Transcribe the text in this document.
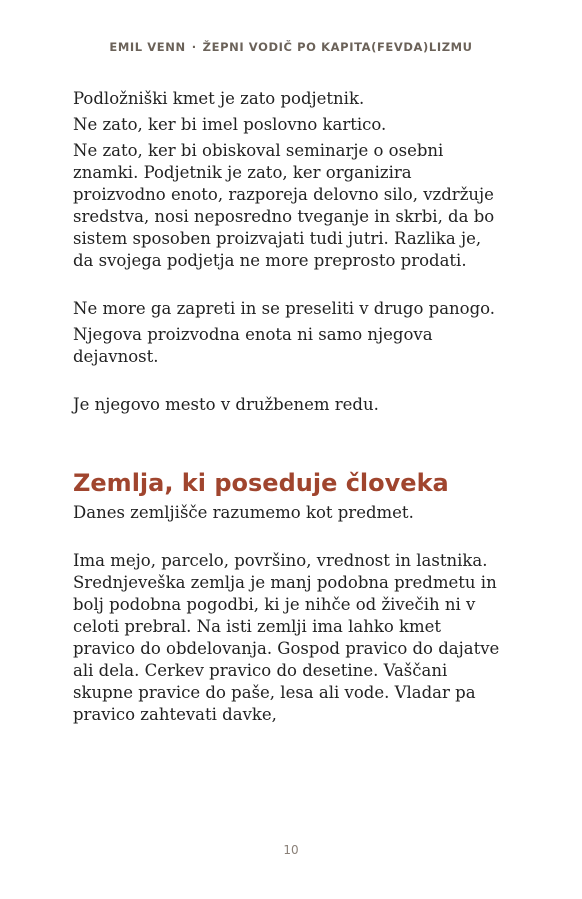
EMIL VENN · ŽEPNI VODIČ PO KAPITA(FEVDA)LIZMU

Podložniški kmet je zato podjetnik.

Ne zato, ker bi imel poslovno kartico.

Ne zato, ker bi obiskoval seminarje o osebni znamki. Podjetnik je zato, ker organizira proizvodno enoto, razporeja delovno silo, vzdržuje sredstva, nosi neposredno tveganje in skrbi, da bo sistem sposoben proizvajati tudi jutri. Razlika je, da svojega podjetja ne more preprosto prodati.

Ne more ga zapreti in se preseliti v drugo panogo.

Njegova proizvodna enota ni samo njegova dejavnost.

Je njegovo mesto v družbenem redu.

Zemlja, ki poseduje človeka

Danes zemljišče razumemo kot predmet.

Ima mejo, parcelo, površino, vrednost in lastnika. Srednjeveška zemlja je manj podobna predmetu in bolj podobna pogodbi, ki je nihče od živečih ni v celoti prebral. Na isti zemlji ima lahko kmet pravico do obdelovanja. Gospod pravico do dajatve ali dela. Cerkev pravico do desetine. Vaščani skupne pravice do paše, lesa ali vode. Vladar pa pravico zahtevati davke,

10
